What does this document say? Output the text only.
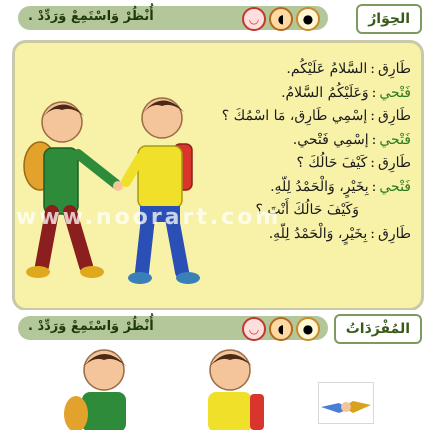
أُنْظُرْ وَاسْتَمِعْ وَرَدِّدْ .	◡	◖	●	الحِوَارُ
طَارِق:السَّلامُ عَلَيْكُم.
فَتْحي:وَعَلَيْكُمُ السَّلامُ.
طَارِق:إسْمِي طَارِق، مَا اسْمُكَ ؟
فَتْحي:إسْمِي فَتْحي.
طَارِق:كَيْفَ حَالُكَ ؟
فَتْحي:بِخَيْرٍ، وَالْحَمْدُ لِلّهِ.
وَكَيْفَ حَالُكَ أَنْتَ ؟
طَارِق:بِخَيْرٍ، وَالْحَمْدُ لِلّهِ.
www.noorart.com
أُنْظُرْ وَاسْتَمِعْ وَرَدِّدْ .	◡	◖	●	المُفْرَدَاتُ
